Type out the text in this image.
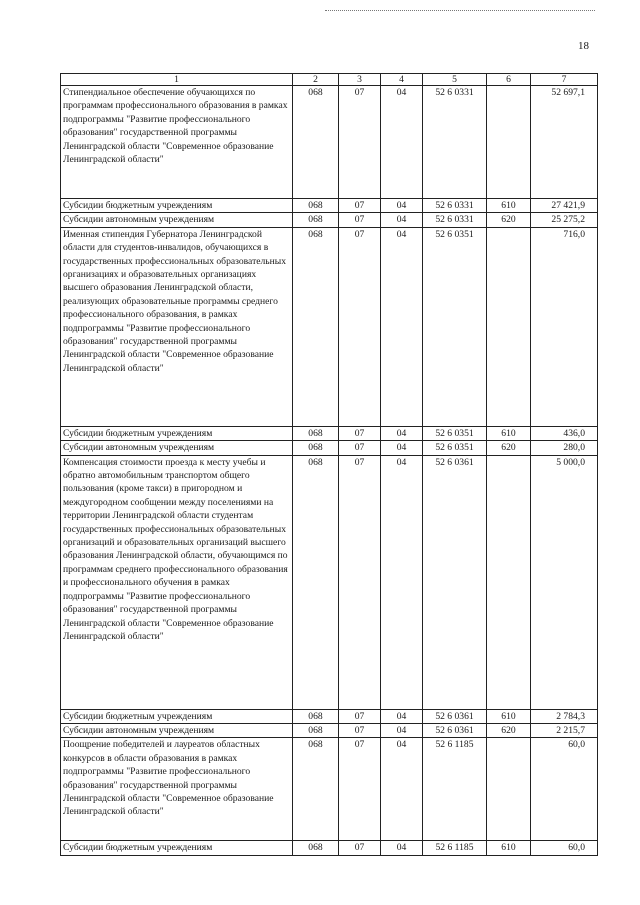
18
1	2	3	4	5	6	7
Стипендиальное обеспечение обучающихся по программам профессионального образования в рамках подпрограммы "Развитие профессионального образования" государственной программы Ленинградской области "Современное образование Ленинградской области"	068	07	04	52 6 0331		52 697,1
Субсидии бюджетным учреждениям	068	07	04	52 6 0331	610	27 421,9
Субсидии автономным учреждениям	068	07	04	52 6 0331	620	25 275,2
Именная стипендия Губернатора Ленинградской области для студентов-инвалидов, обучающихся в государственных профессиональных образовательных организациях и образовательных организациях высшего образования Ленинградской области, реализующих образовательные программы среднего профессионального образования, в рамках подпрограммы "Развитие профессионального образования" государственной программы Ленинградской области "Современное образование Ленинградской области"	068	07	04	52 6 0351		716,0
Субсидии бюджетным учреждениям	068	07	04	52 6 0351	610	436,0
Субсидии автономным учреждениям	068	07	04	52 6 0351	620	280,0
Компенсация стоимости проезда к месту учебы и обратно автомобильным транспортом общего пользования (кроме такси) в пригородном и междугородном сообщении между поселениями на территории Ленинградской области студентам государственных профессиональных образовательных организаций и образовательных организаций высшего образования Ленинградской области, обучающимся по программам среднего профессионального образования и профессионального обучения в рамках подпрограммы "Развитие профессионального образования" государственной программы Ленинградской области "Современное образование Ленинградской области"	068	07	04	52 6 0361		5 000,0
Субсидии бюджетным учреждениям	068	07	04	52 6 0361	610	2 784,3
Субсидии автономным учреждениям	068	07	04	52 6 0361	620	2 215,7
Поощрение победителей и лауреатов областных конкурсов в области образования в рамках подпрограммы "Развитие профессионального образования" государственной программы Ленинградской области "Современное образование Ленинградской области"	068	07	04	52 6 1185		60,0
Субсидии бюджетным учреждениям	068	07	04	52 6 1185	610	60,0
